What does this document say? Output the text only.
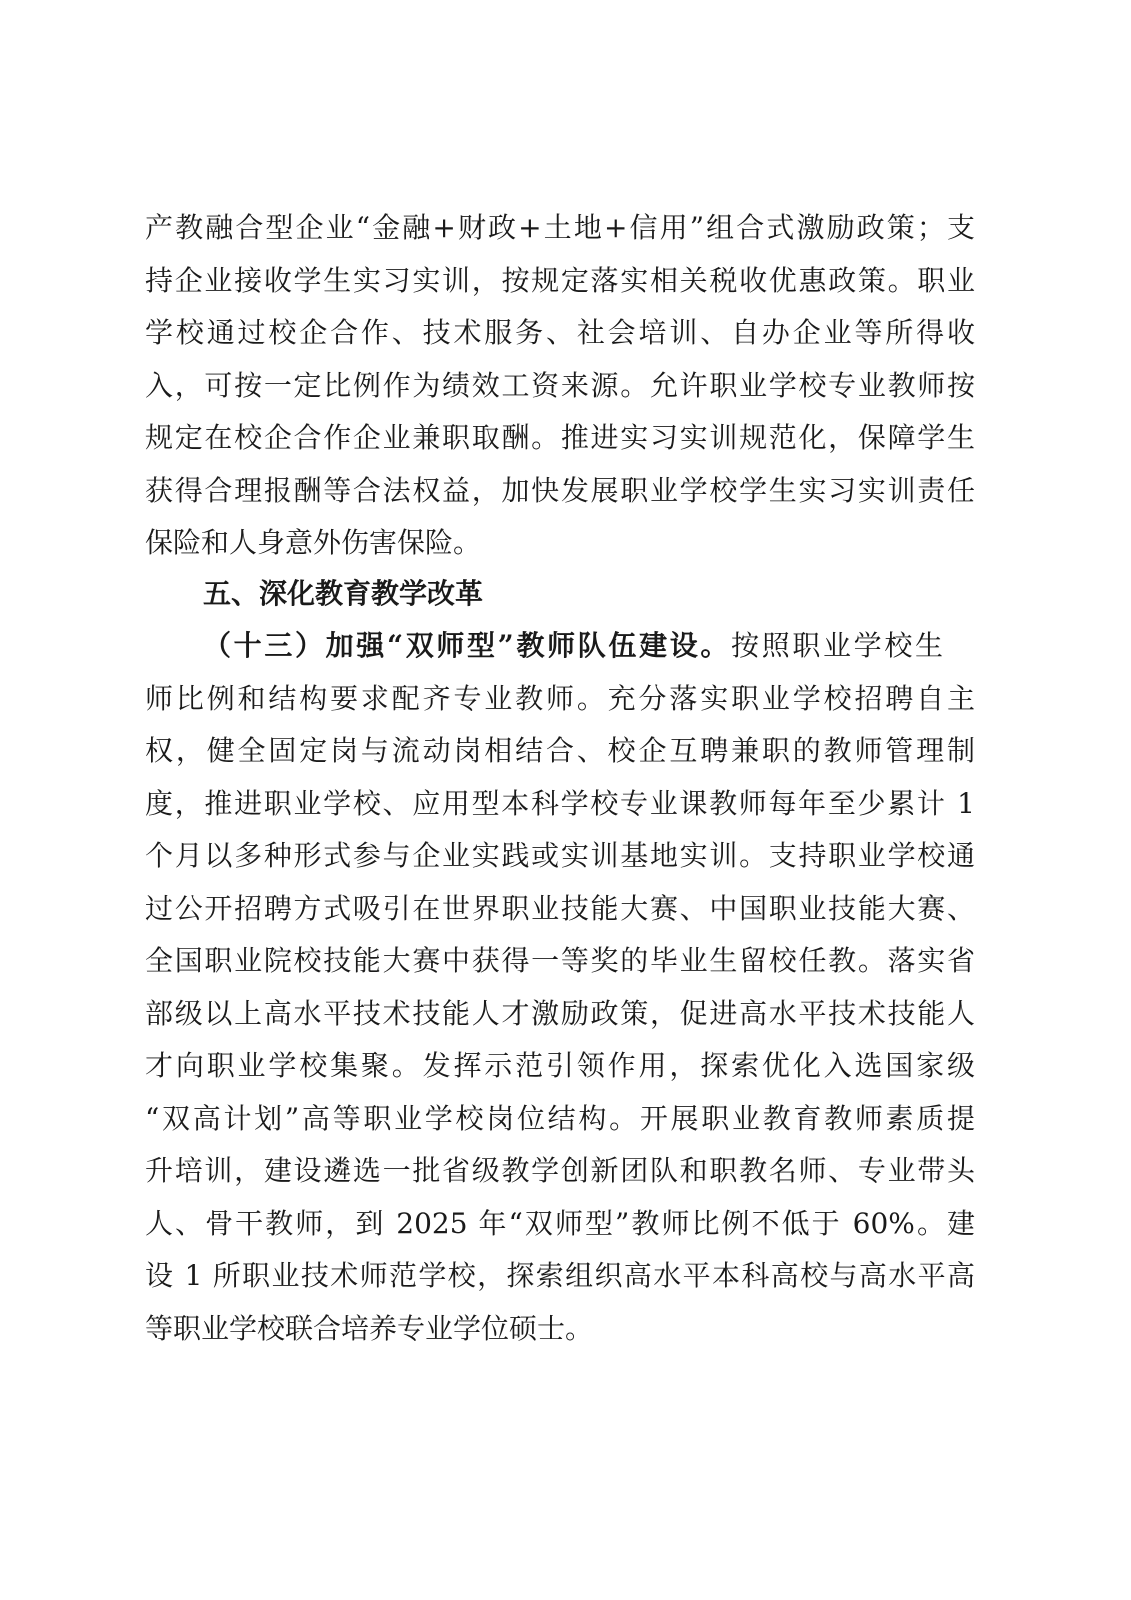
产教融合型企业“金融+财政+土地+信用”组合式激励政策；支
持企业接收学生实习实训，按规定落实相关税收优惠政策。职业
学校通过校企合作、技术服务、社会培训、自办企业等所得收
入，可按一定比例作为绩效工资来源。允许职业学校专业教师按
规定在校企合作企业兼职取酬。推进实习实训规范化，保障学生
获得合理报酬等合法权益，加快发展职业学校学生实习实训责任
保险和人身意外伤害保险。
五、深化教育教学改革
（十三）加强“双师型”教师队伍建设。按照职业学校生
师比例和结构要求配齐专业教师。充分落实职业学校招聘自主
权，健全固定岗与流动岗相结合、校企互聘兼职的教师管理制
度，推进职业学校、应用型本科学校专业课教师每年至少累计 1
个月以多种形式参与企业实践或实训基地实训。支持职业学校通
过公开招聘方式吸引在世界职业技能大赛、中国职业技能大赛、
全国职业院校技能大赛中获得一等奖的毕业生留校任教。落实省
部级以上高水平技术技能人才激励政策，促进高水平技术技能人
才向职业学校集聚。发挥示范引领作用，探索优化入选国家级
“双高计划”高等职业学校岗位结构。开展职业教育教师素质提
升培训，建设遴选一批省级教学创新团队和职教名师、专业带头
人、骨干教师，到 2025 年“双师型”教师比例不低于 60%。建
设 1 所职业技术师范学校，探索组织高水平本科高校与高水平高
等职业学校联合培养专业学位硕士。
